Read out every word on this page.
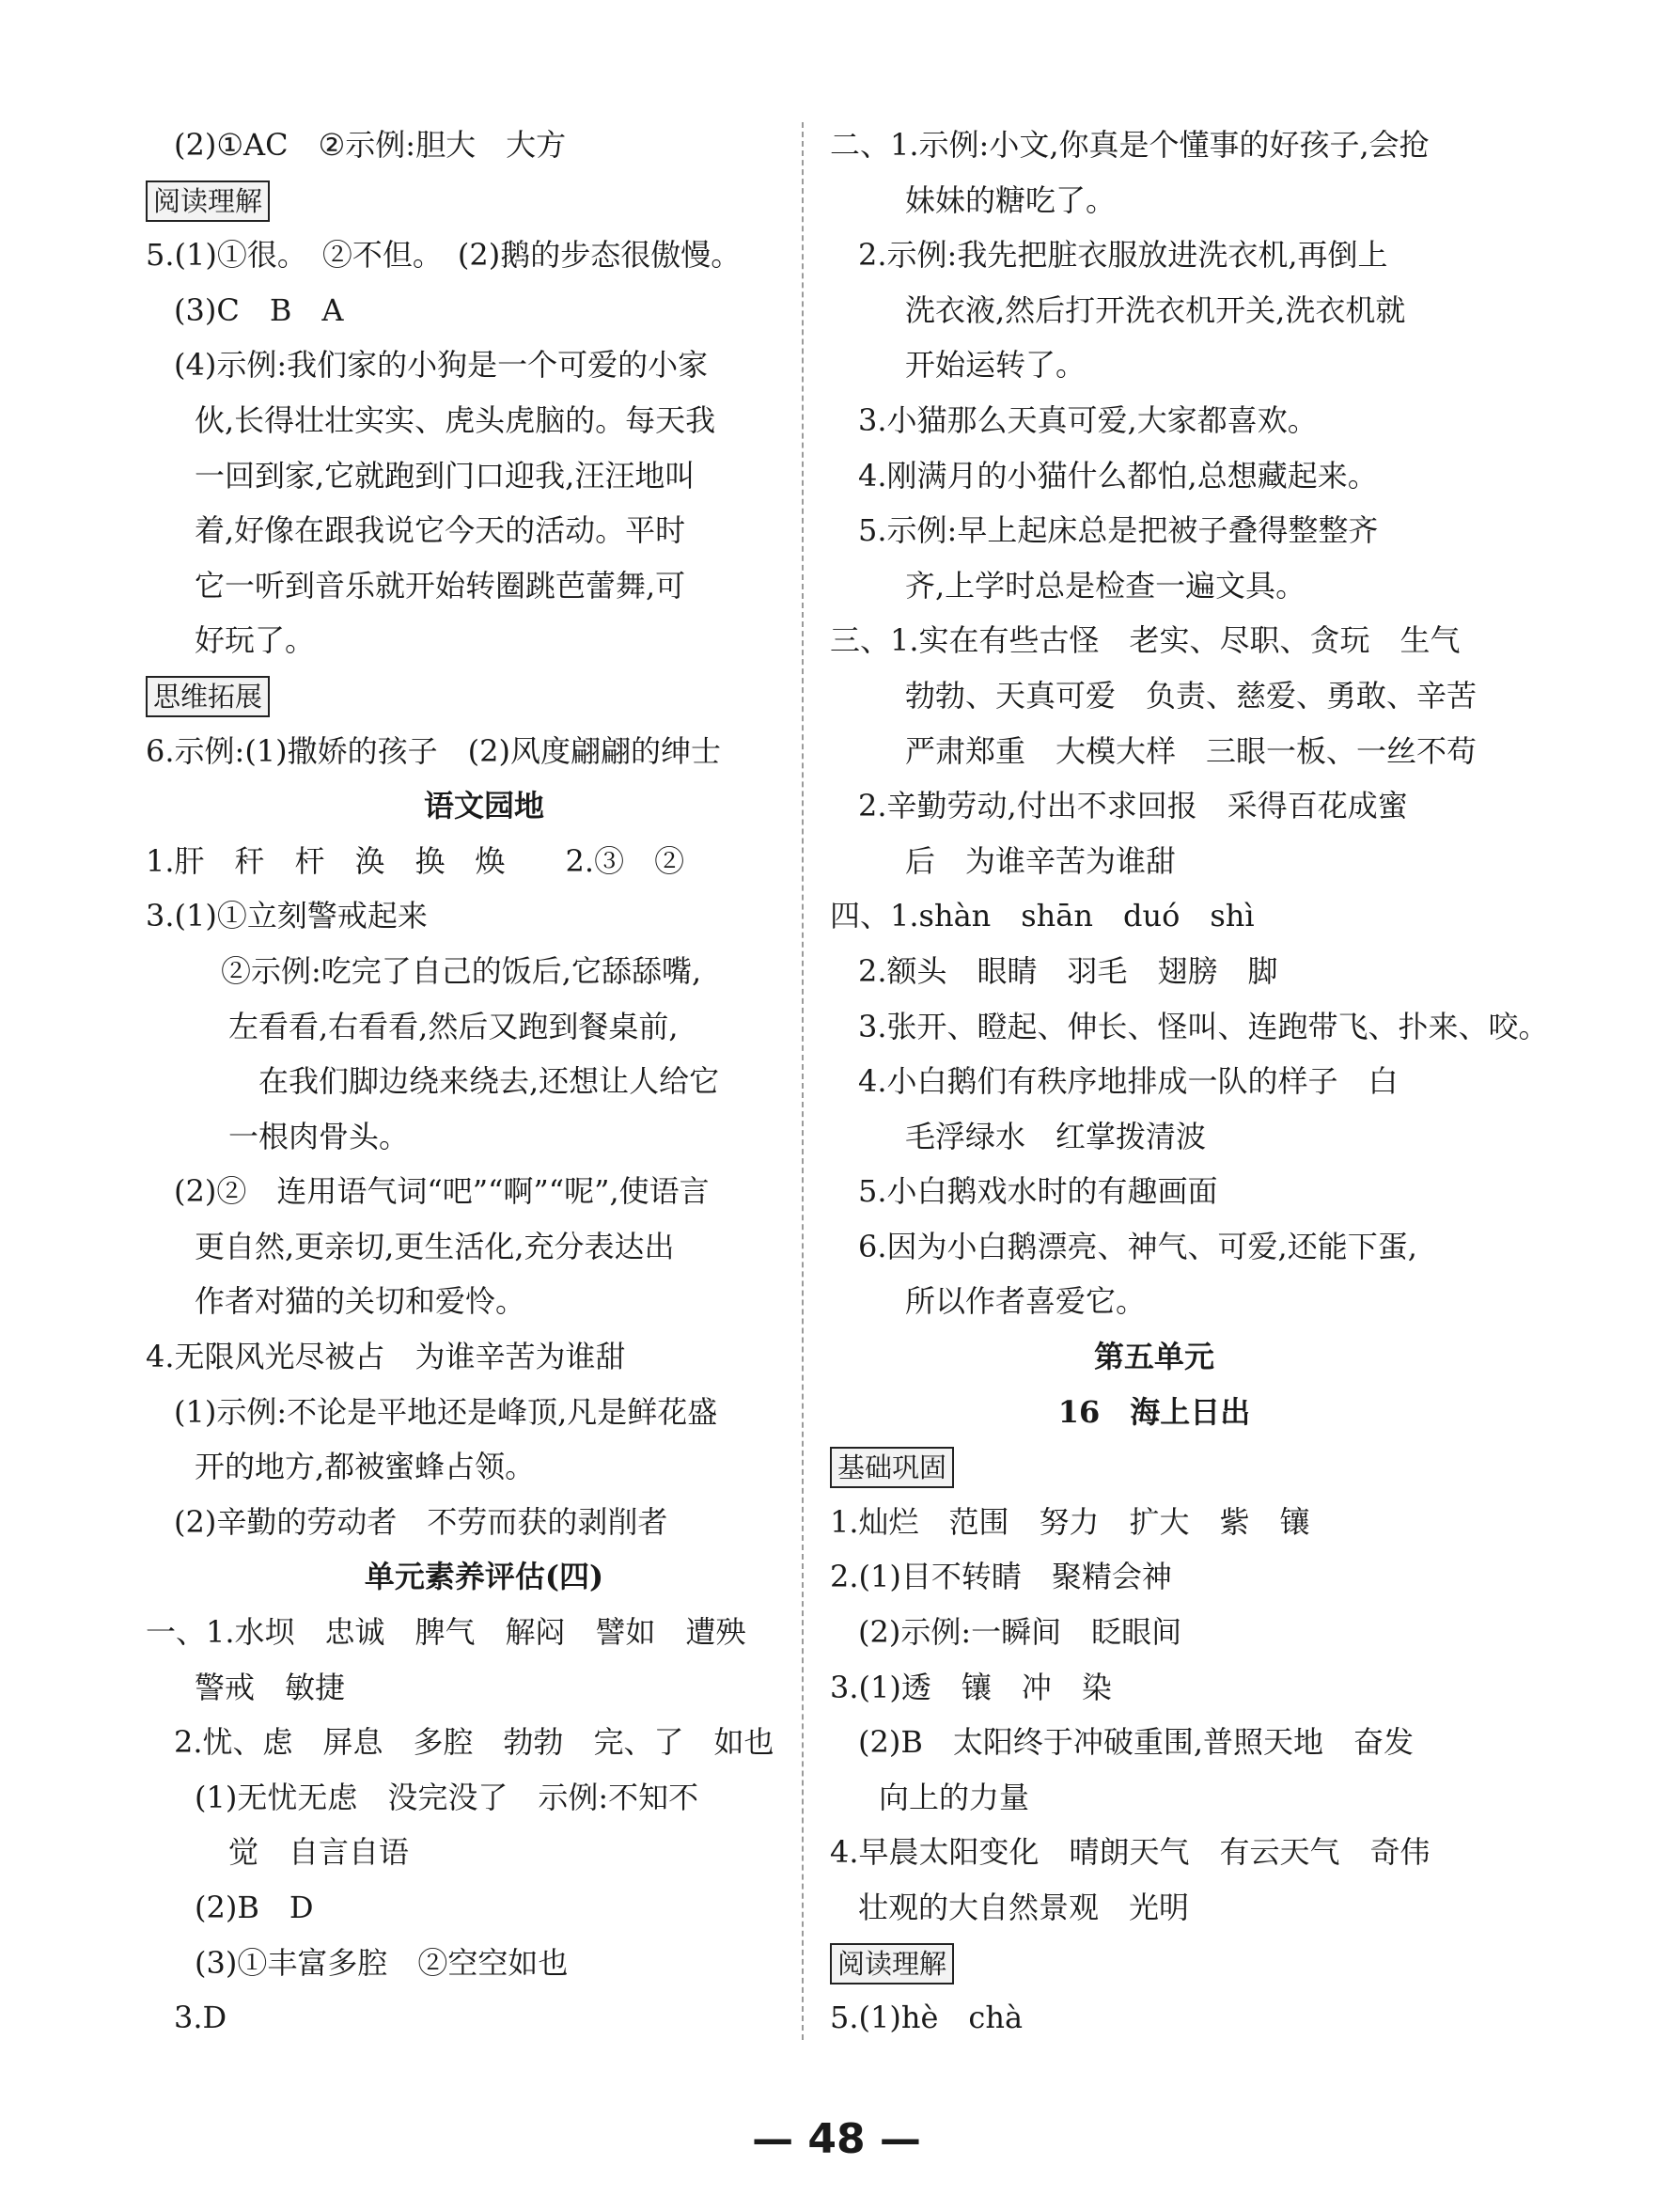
(2)①AC　②示例:胆大　大方
阅读理解
5.(1)①很。　②不但。　(2)鹅的步态很傲慢。
(3)C　B　A
(4)示例:我们家的小狗是一个可爱的小家
伙,长得壮壮实实、虎头虎脑的。每天我
一回到家,它就跑到门口迎我,汪汪地叫
着,好像在跟我说它今天的活动。平时
它一听到音乐就开始转圈跳芭蕾舞,可
好玩了。
思维拓展
6.示例:(1)撒娇的孩子　(2)风度翩翩的绅士
语文园地
1.肝　秆　杆　涣　换　焕　　2.③　②
3.(1)①立刻警戒起来
②示例:吃完了自己的饭后,它舔舔嘴,
左看看,右看看,然后又跑到餐桌前,
在我们脚边绕来绕去,还想让人给它
一根肉骨头。
(2)②　连用语气词“吧”“啊”“呢”,使语言
更自然,更亲切,更生活化,充分表达出
作者对猫的关切和爱怜。
4.无限风光尽被占　为谁辛苦为谁甜
(1)示例:不论是平地还是峰顶,凡是鲜花盛
开的地方,都被蜜蜂占领。
(2)辛勤的劳动者　不劳而获的剥削者
单元素养评估(四)
一、1.水坝　忠诚　脾气　解闷　譬如　遭殃
警戒　敏捷
2.忧、虑　屏息　多腔　勃勃　完、了　如也
(1)无忧无虑　没完没了　示例:不知不
觉　自言自语
(2)B　D
(3)①丰富多腔　②空空如也
3.D
二、1.示例:小文,你真是个懂事的好孩子,会抢
妹妹的糖吃了。
2.示例:我先把脏衣服放进洗衣机,再倒上
洗衣液,然后打开洗衣机开关,洗衣机就
开始运转了。
3.小猫那么天真可爱,大家都喜欢。
4.刚满月的小猫什么都怕,总想藏起来。
5.示例:早上起床总是把被子叠得整整齐
齐,上学时总是检查一遍文具。
三、1.实在有些古怪　老实、尽职、贪玩　生气
勃勃、天真可爱　负责、慈爱、勇敢、辛苦
严肃郑重　大模大样　三眼一板、一丝不苟
2.辛勤劳动,付出不求回报　采得百花成蜜
后　为谁辛苦为谁甜
四、1.shàn　shān　duó　shì
2.额头　眼睛　羽毛　翅膀　脚
3.张开、瞪起、伸长、怪叫、连跑带飞、扑来、咬。
4.小白鹅们有秩序地排成一队的样子　白
毛浮绿水　红掌拨清波
5.小白鹅戏水时的有趣画面
6.因为小白鹅漂亮、神气、可爱,还能下蛋,
所以作者喜爱它。
第五单元
16　海上日出
基础巩固
1.灿烂　范围　努力　扩大　紫　镶
2.(1)目不转睛　聚精会神
(2)示例:一瞬间　眨眼间
3.(1)透　镶　冲　染
(2)B　太阳终于冲破重围,普照天地　奋发
向上的力量
4.早晨太阳变化　晴朗天气　有云天气　奇伟
壮观的大自然景观　光明
阅读理解
5.(1)hè　chà
— 48 —
